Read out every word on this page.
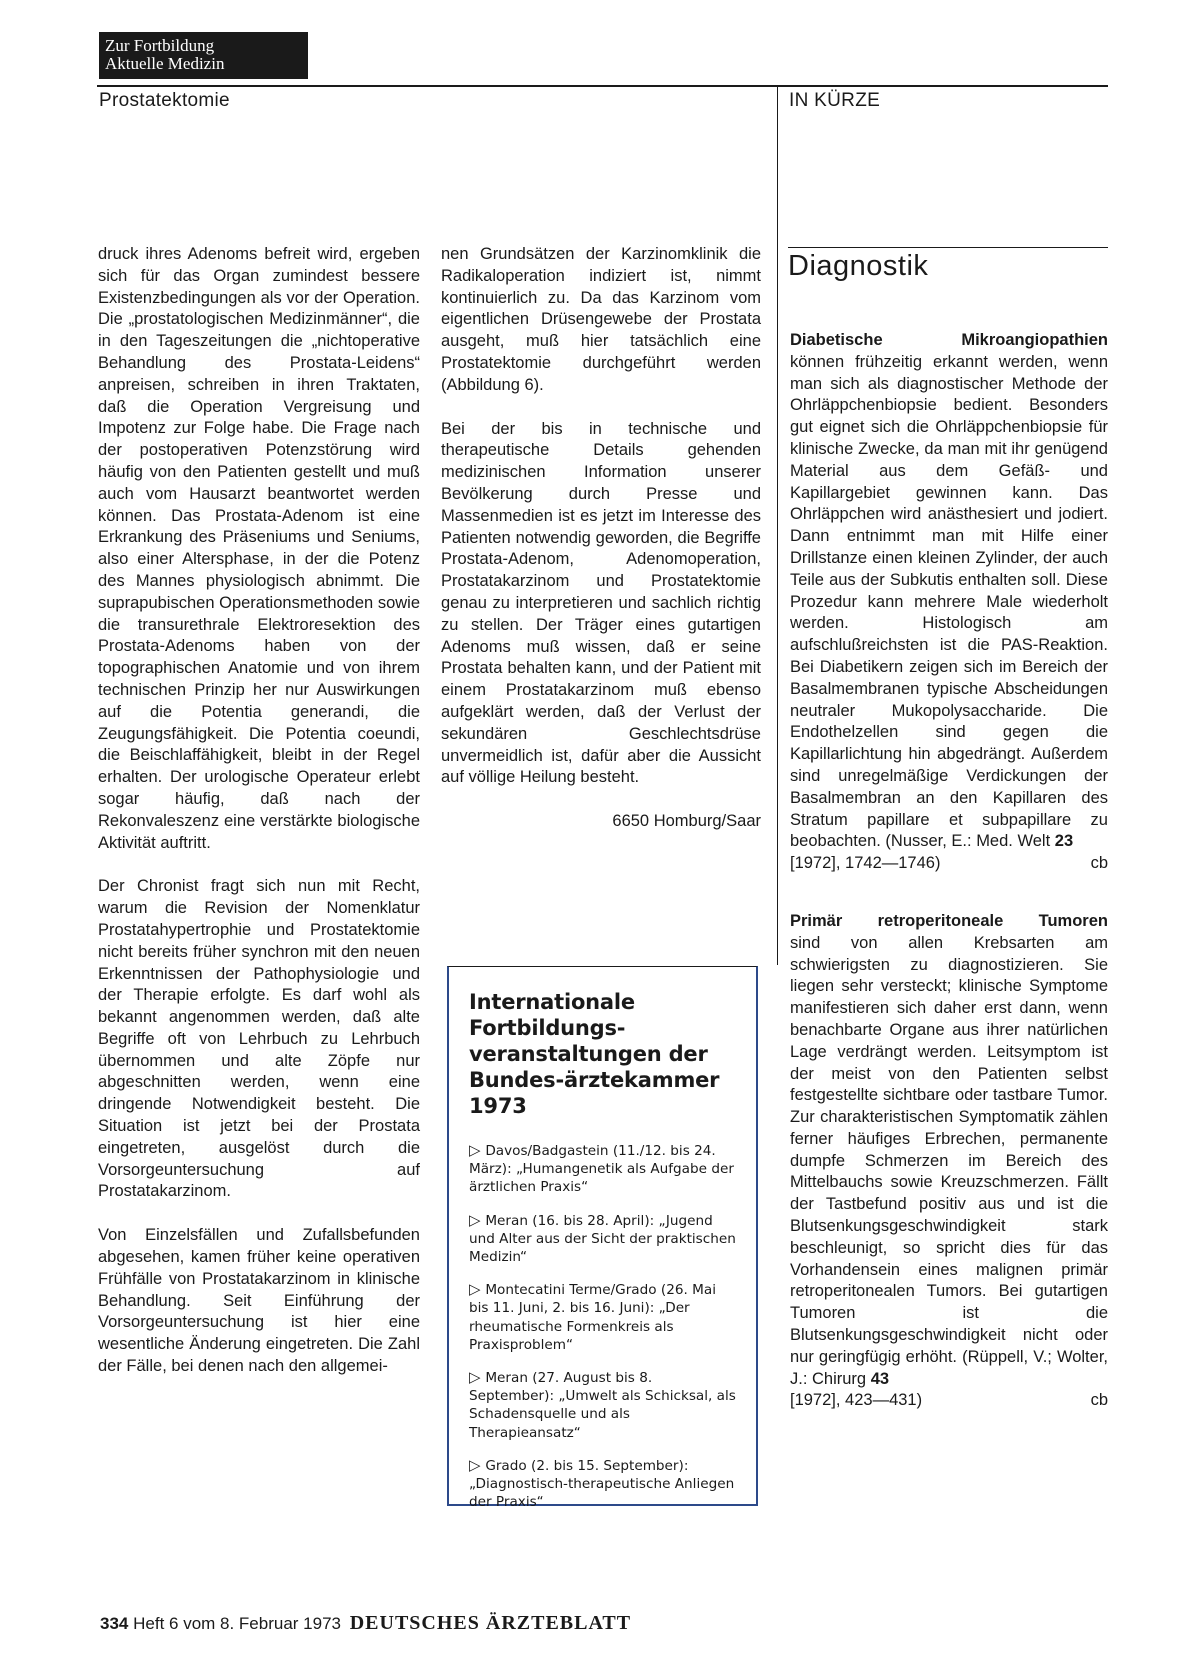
Zur Fortbildung
Aktuelle Medizin
Prostatektomie	IN KÜRZE

druck ihres Adenoms befreit wird, ergeben sich für das Organ zumindest bessere Existenzbedingungen als vor der Operation. Die „prostatologischen Medizinmänner“, die in den Tageszeitungen die „nichtoperative Behandlung des Prostata-Leidens“ anpreisen, schreiben in ihren Traktaten, daß die Operation Vergreisung und Impotenz zur Folge habe. Die Frage nach der postoperativen Potenzstörung wird häufig von den Patienten gestellt und muß auch vom Hausarzt beantwortet werden können. Das Prostata-Adenom ist eine Erkrankung des Präseniums und Seniums, also einer Altersphase, in der die Potenz des Mannes physiologisch abnimmt. Die suprapubischen Operationsmethoden sowie die transurethrale Elektroresektion des Prostata-Adenoms haben von der topographischen Anatomie und von ihrem technischen Prinzip her nur Auswirkungen auf die Potentia generandi, die Zeugungsfähigkeit. Die Potentia coeundi, die Beischlaffähigkeit, bleibt in der Regel erhalten. Der urologische Operateur erlebt sogar häufig, daß nach der Rekonvaleszenz eine verstärkte biologische Aktivität auftritt.

Der Chronist fragt sich nun mit Recht, warum die Revision der Nomenklatur Prostatahypertrophie und Prostatektomie nicht bereits früher synchron mit den neuen Erkenntnissen der Pathophysiologie und der Therapie erfolgte. Es darf wohl als bekannt angenommen werden, daß alte Begriffe oft von Lehrbuch zu Lehrbuch übernommen und alte Zöpfe nur abgeschnitten werden, wenn eine dringende Notwendigkeit besteht. Die Situation ist jetzt bei der Prostata eingetreten, ausgelöst durch die Vorsorgeuntersuchung auf Prostatakarzinom.

Von Einzelsfällen und Zufallsbefunden abgesehen, kamen früher keine operativen Frühfälle von Prostatakarzinom in klinische Behandlung. Seit Einführung der Vorsorgeuntersuchung ist hier eine wesentliche Änderung eingetreten. Die Zahl der Fälle, bei denen nach den allgemei-

nen Grundsätzen der Karzinomklinik die Radikaloperation indiziert ist, nimmt kontinuierlich zu. Da das Karzinom vom eigentlichen Drüsengewebe der Prostata ausgeht, muß hier tatsächlich eine Prostatektomie durchgeführt werden (Abbildung 6).

Bei der bis in technische und therapeutische Details gehenden medizinischen Information unserer Bevölkerung durch Presse und Massenmedien ist es jetzt im Interesse des Patienten notwendig geworden, die Begriffe Prostata-Adenom, Adenomoperation, Prostatakarzinom und Prostatektomie genau zu interpretieren und sachlich richtig zu stellen. Der Träger eines gutartigen Adenoms muß wissen, daß er seine Prostata behalten kann, und der Patient mit einem Prostatakarzinom muß ebenso aufgeklärt werden, daß der Verlust der sekundären Geschlechtsdrüse unvermeidlich ist, dafür aber die Aussicht auf völlige Heilung besteht.

6650 Homburg/Saar
Internationale Fortbildungs-veranstaltungen der Bundes-ärztekammer 1973
▷ Davos/Badgastein (11./12. bis 24. März): „Humangenetik als Aufgabe der ärztlichen Praxis“
▷ Meran (16. bis 28. April): „Jugend und Alter aus der Sicht der praktischen Medizin“
▷ Montecatini Terme/Grado (26. Mai bis 11. Juni, 2. bis 16. Juni): „Der rheumatische Formenkreis als Praxisproblem“
▷ Meran (27. August bis 8. September): „Umwelt als Schicksal, als Schadensquelle und als Therapieansatz“
▷ Grado (2. bis 15. September): „Diagnostisch-therapeutische Anliegen der Praxis“
Diagnostik

Diabetische	Mikroangiopathien
können frühzeitig erkannt werden, wenn man sich als diagnostischer Methode der Ohrläppchenbiopsie bedient. Besonders gut eignet sich die Ohrläppchenbiopsie für klinische Zwecke, da man mit ihr genügend Material aus dem Gefäß- und Kapillargebiet gewinnen kann. Das Ohrläppchen wird anästhesiert und jodiert. Dann entnimmt man mit Hilfe einer Drillstanze einen kleinen Zylinder, der auch Teile aus der Subkutis enthalten soll. Diese Prozedur kann mehrere Male wiederholt werden. Histologisch am aufschlußreichsten ist die PAS-Reaktion. Bei Diabetikern zeigen sich im Bereich der Basalmembranen typische Abscheidungen neutraler Mukopolysaccharide. Die Endothelzellen sind gegen die Kapillarlichtung hin abgedrängt. Außerdem sind unregelmäßige Verdickungen der Basalmembran an den Kapillaren des Stratum papillare et subpapillare zu beobachten. (Nusser, E.: Med. Welt 23
[1972], 1742—1746)	cb

Primär retroperitoneale Tumoren
sind von allen Krebsarten am schwierigsten zu diagnostizieren. Sie liegen sehr versteckt; klinische Symptome manifestieren sich daher erst dann, wenn benachbarte Organe aus ihrer natürlichen Lage verdrängt werden. Leitsymptom ist der meist von den Patienten selbst festgestellte sichtbare oder tastbare Tumor. Zur charakteristischen Symptomatik zählen ferner häufiges Erbrechen, permanente dumpfe Schmerzen im Bereich des Mittelbauchs sowie Kreuzschmerzen. Fällt der Tastbefund positiv aus und ist die Blutsenkungsgeschwindigkeit stark beschleunigt, so spricht dies für das Vorhandensein eines malignen primär retroperitonealen Tumors. Bei gutartigen Tumoren ist die Blutsenkungsgeschwindigkeit nicht oder nur geringfügig erhöht. (Rüppell, V.; Wolter, J.: Chirurg 43
[1972], 423—431)	cb

334 Heft 6 vom 8. Februar 1973 DEUTSCHES ÄRZTEBLATT
